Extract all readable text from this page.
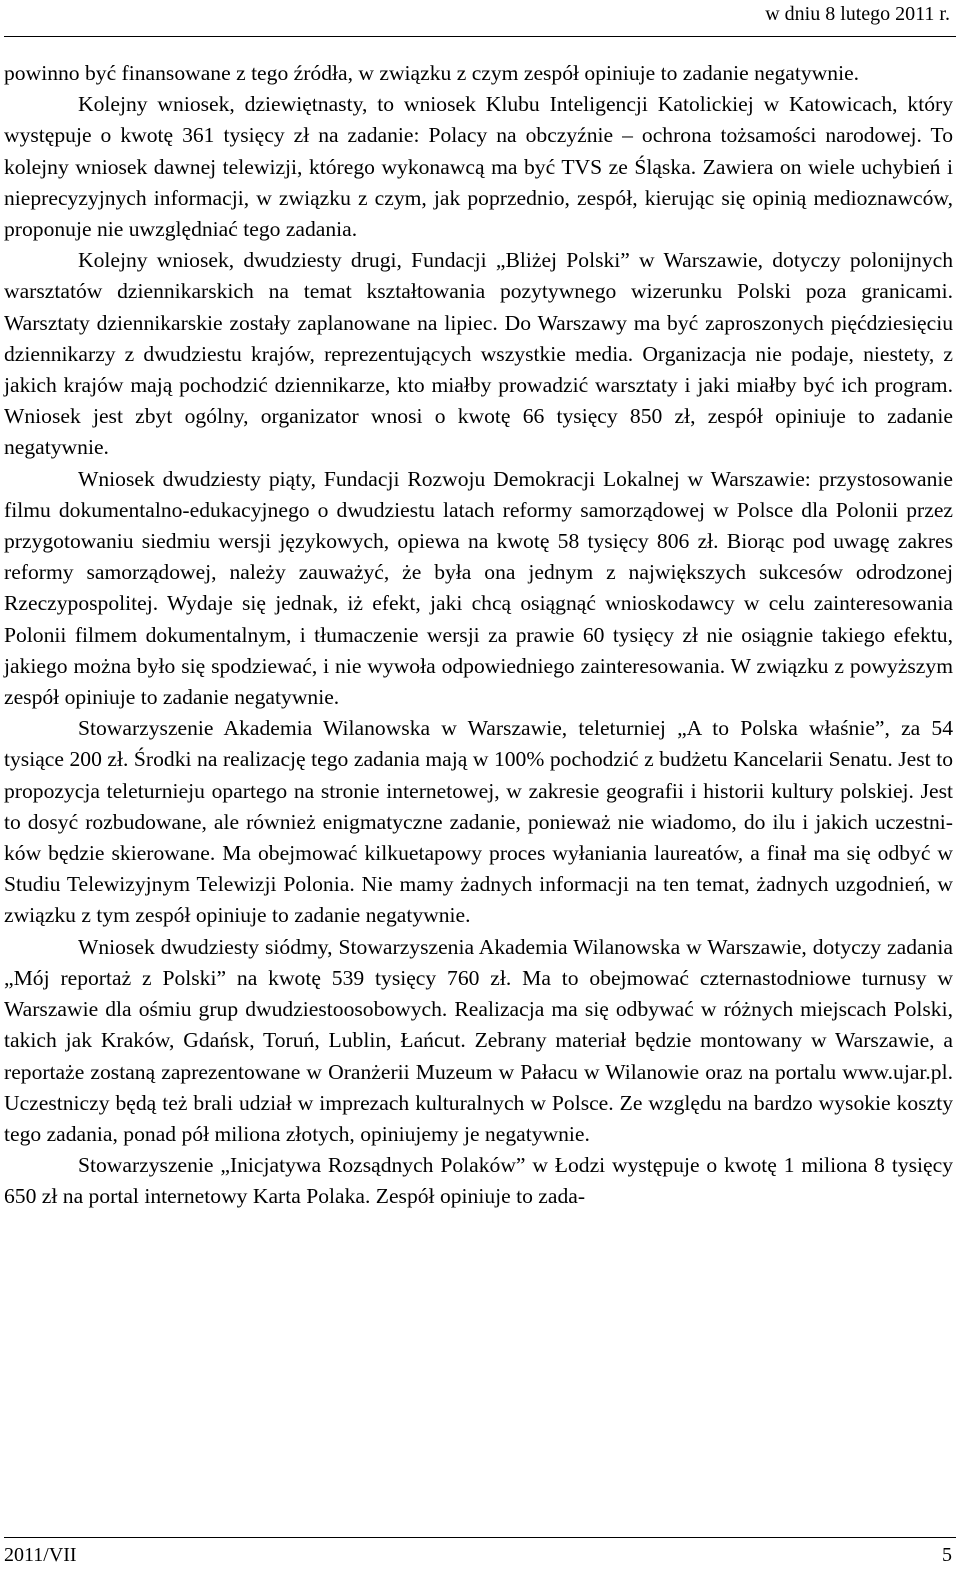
w dniu 8 lutego 2011 r.

powinno być finansowane z tego źródła, w związku z czym zespół opiniuje to zadanie negatywnie.

Kolejny wniosek, dziewiętnasty, to wniosek Klubu Inteligencji Katolickiej w Katowicach, który występuje o kwotę 361 tysięcy zł na zadanie: Polacy na obczyźnie – ochrona tożsamości narodowej. To kolejny wniosek dawnej telewizji, którego wykonawcą ma być TVS ze Śląska. Zawiera on wiele uchybień i nieprecyzyjnych informacji, w związku z czym, jak poprzednio, zespół, kierując się opinią medioznawców, proponuje nie uwzględniać tego zadania.

Kolejny wniosek, dwudziesty drugi, Fundacji „Bliżej Polski” w Warszawie, dotyczy polonijnych warsztatów dziennikarskich na temat kształtowania pozytywnego wizerunku Polski poza granicami. Warsztaty dziennikarskie zostały zaplanowane na lipiec. Do Warszawy ma być zaproszonych pięćdziesięciu dziennikarzy z dwudziestu krajów, reprezentujących wszystkie media. Organizacja nie podaje, niestety, z jakich krajów mają pochodzić dziennikarze, kto miałby prowadzić warsztaty i jaki miałby być ich program. Wniosek jest zbyt ogólny, organizator wnosi o kwotę 66 tysięcy 850 zł, zespół opiniuje to zadanie negatywnie.

Wniosek dwudziesty piąty, Fundacji Rozwoju Demokracji Lokalnej w Warszawie: przystosowanie filmu dokumentalno-edukacyjnego o dwudziestu latach reformy samorządowej w Polsce dla Polonii przez przygotowaniu siedmiu wersji językowych, opiewa na kwotę 58 tysięcy 806 zł. Biorąc pod uwagę zakres reformy samorządowej, należy zauważyć, że była ona jednym z największych sukcesów odrodzonej Rzeczypospolitej. Wydaje się jednak, iż efekt, jaki chcą osiągnąć wnioskodawcy w celu zainteresowania Polonii filmem dokumentalnym, i tłumaczenie wersji za prawie 60 tysięcy zł nie osiągnie takiego efektu, jakiego można było się spodziewać, i nie wywoła odpowiedniego zainteresowania. W związku z powyższym zespół opiniuje to zadanie negatywnie.

Stowarzyszenie Akademia Wilanowska w Warszawie, teleturniej „A to Polska właśnie”, za 54 tysiące 200 zł. Środki na realizację tego zadania mają w 100% pochodzić z budżetu Kancelarii Senatu. Jest to propozycja teleturnieju opartego na stronie internetowej, w zakresie geografii i historii kultury polskiej. Jest to dosyć rozbudowane, ale również enigmatyczne zadanie, ponieważ nie wiadomo, do ilu i jakich uczestników będzie skierowane. Ma obejmować kilkuetapowy proces wyłaniania laureatów, a finał ma się odbyć w Studiu Telewizyjnym Telewizji Polonia. Nie mamy żadnych informacji na ten temat, żadnych uzgodnień, w związku z tym zespół opiniuje to zadanie negatywnie.

Wniosek dwudziesty siódmy, Stowarzyszenia Akademia Wilanowska w Warszawie, dotyczy zadania „Mój reportaż z Polski” na kwotę 539 tysięcy 760 zł. Ma to obejmować czternastodniowe turnusy w Warszawie dla ośmiu grup dwudziestoosobowych. Realizacja ma się odbywać w różnych miejscach Polski, takich jak Kraków, Gdańsk, Toruń, Lublin, Łańcut. Zebrany materiał będzie montowany w Warszawie, a reportaże zostaną zaprezentowane w Oranżerii Muzeum w Pałacu w Wilanowie oraz na portalu www.ujar.pl. Uczestniczy będą też brali udział w imprezach kulturalnych w Polsce. Ze względu na bardzo wysokie koszty tego zadania, ponad pół miliona złotych, opiniujemy je negatywnie.

Stowarzyszenie „Inicjatywa Rozsądnych Polaków” w Łodzi występuje o kwotę 1 miliona 8 tysięcy 650 zł na portal internetowy Karta Polaka. Zespół opiniuje to zada-

2011/VII	5
